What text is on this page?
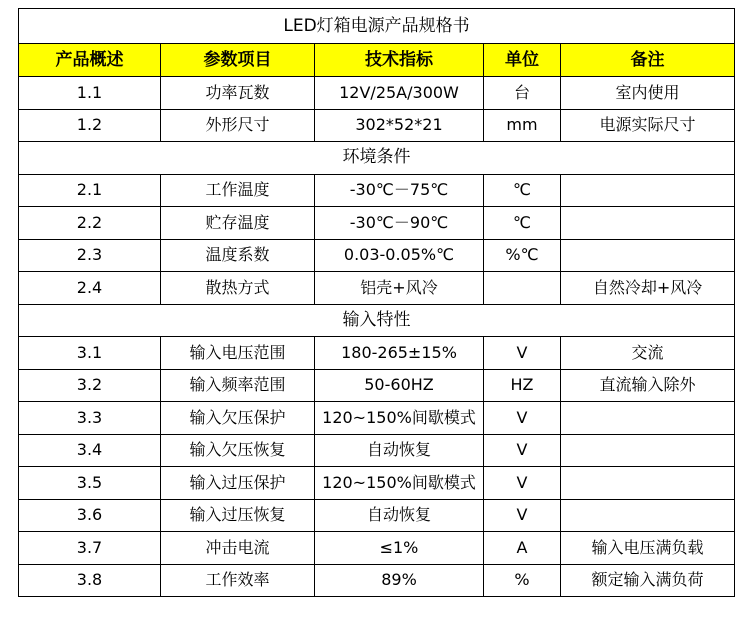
LED灯箱电源产品规格书				
产品概述	参数项目	技术指标	单位	备注
1.1	功率瓦数	12V/25A/300W	台	室内使用
1.2	外形尺寸	302*52*21	mm	电源实际尺寸
环境条件				
2.1	工作温度	-30℃－75℃	℃	
2.2	贮存温度	-30℃－90℃	℃	
2.3	温度系数	0.03-0.05%℃	%℃	
2.4	散热方式	铝壳+风冷		自然冷却+风冷
输入特性				
3.1	输入电压范围	180-265±15%	V	交流
3.2	输入频率范围	50-60HZ	HZ	直流输入除外
3.3	输入欠压保护	120~150%间歇模式	V	
3.4	输入欠压恢复	自动恢复	V	
3.5	输入过压保护	120~150%间歇模式	V	
3.6	输入过压恢复	自动恢复	V	
3.7	冲击电流	≤1%	A	输入电压满负载
3.8	工作效率	89%	%	额定输入满负荷
